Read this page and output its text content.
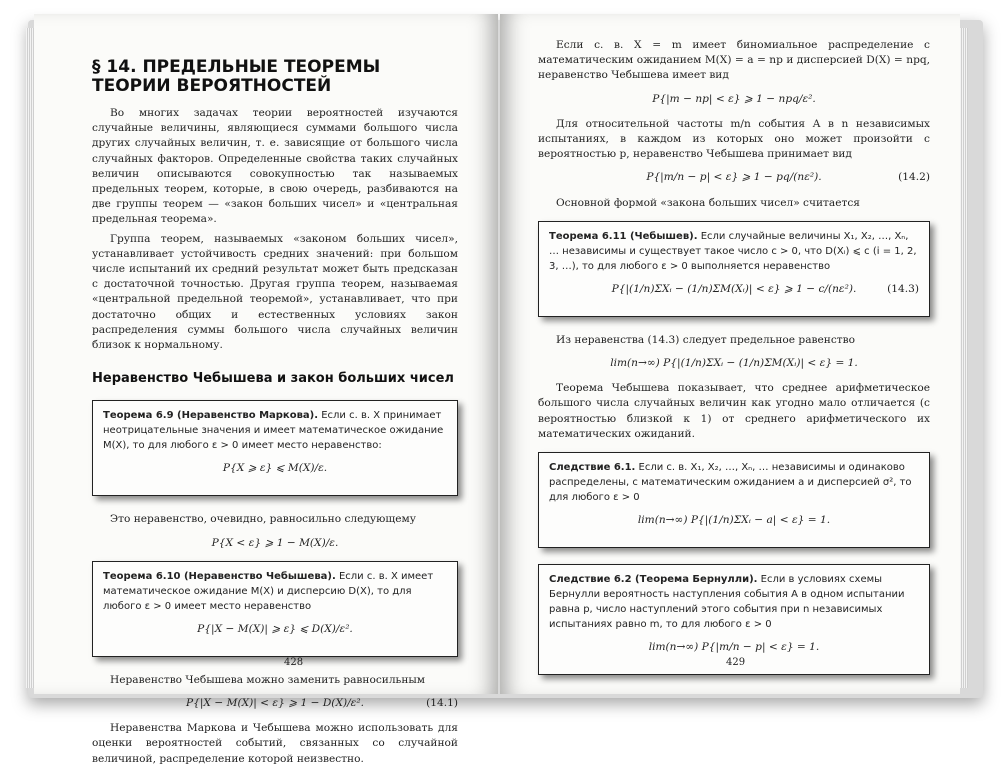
§ 14. ПРЕДЕЛЬНЫЕ ТЕОРЕМЫ ТЕОРИИ ВЕРОЯТНОСТЕЙ

Во многих задачах теории вероятностей изучаются случайные величины, являющиеся суммами большого числа других случайных величин, т. е. зависящие от большого числа случайных факторов. Определенные свойства таких случайных величин описываются совокупностью так называемых предельных теорем, которые, в свою очередь, разбиваются на две группы теорем — «закон больших чисел» и «центральная предельная теорема».

Группа теорем, называемых «законом больших чисел», устанавливает устойчивость средних значений: при большом числе испытаний их средний результат может быть предсказан с достаточной точностью. Другая группа теорем, называемая «центральной предельной теоремой», устанавливает, что при достаточно общих и естественных условиях закон распределения суммы большого числа случайных величин близок к нормальному.

Неравенство Чебышева и закон больших чисел
Теорема 6.9 (Неравенство Маркова). Если с. в. X принимает неотрицательные значения и имеет математическое ожидание M(X), то для любого ε > 0 имеет место неравенство:
P{X ⩾ ε} ⩽ M(X)/ε.

Это неравенство, очевидно, равносильно следующему

P{X < ε} ⩾ 1 − M(X)/ε.
Теорема 6.10 (Неравенство Чебышева). Если с. в. X имеет математическое ожидание M(X) и дисперсию D(X), то для любого ε > 0 имеет место неравенство
P{|X − M(X)| ⩾ ε} ⩽ D(X)/ε².

Неравенство Чебышева можно заменить равносильным

P{|X − M(X)| < ε} ⩾ 1 − D(X)/ε².	(14.1)

Неравенства Маркова и Чебышева можно использовать для оценки вероятностей событий, связанных со случайной величиной, распределение которой неизвестно.

428

Если с. в. X = m имеет биномиальное распределение с математическим ожиданием M(X) = a = np и дисперсией D(X) = npq, неравенство Чебышева имеет вид

P{|m − np| < ε} ⩾ 1 − npq/ε².

Для относительной частоты m/n события A в n независимых испытаниях, в каждом из которых оно может произойти с вероятностью p, неравенство Чебышева принимает вид

P{|m/n − p| < ε} ⩾ 1 − pq/(nε²).	(14.2)

Основной формой «закона больших чисел» считается

Теорема 6.11 (Чебышев). Если случайные величины X₁, X₂, …, Xₙ, … независимы и существует такое число c > 0, что D(Xᵢ) ⩽ c (i = 1, 2, 3, …), то для любого ε > 0 выполняется неравенство
P{|(1/n)ΣXᵢ − (1/n)ΣM(Xᵢ)| < ε} ⩾ 1 − c/(nε²).	(14.3)

Из неравенства (14.3) следует предельное равенство

lim(n→∞) P{|(1/n)ΣXᵢ − (1/n)ΣM(Xᵢ)| < ε} = 1.

Теорема Чебышева показывает, что среднее арифметическое большого числа случайных величин как угодно мало отличается (с вероятностью близкой к 1) от среднего арифметического их математических ожиданий.

Следствие 6.1. Если с. в. X₁, X₂, …, Xₙ, … независимы и одинаково распределены, с математическим ожиданием a и дисперсией σ², то для любого ε > 0
lim(n→∞) P{|(1/n)ΣXᵢ − a| < ε} = 1.
Следствие 6.2 (Теорема Бернулли). Если в условиях схемы Бернулли вероятность наступления события A в одном испытании равна p, число наступлений этого события при n независимых испытаниях равно m, то для любого ε > 0
lim(n→∞) P{|m/n − p| < ε} = 1.
429
